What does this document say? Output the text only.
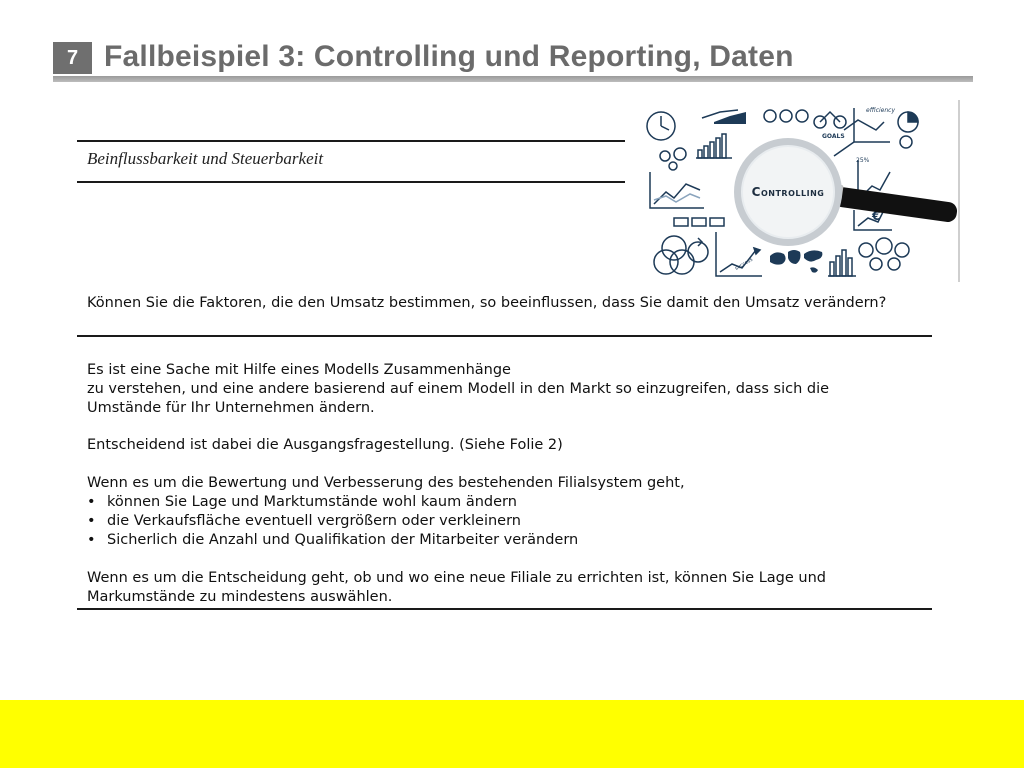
7 Fallbeispiel 3: Controlling und Reporting, Daten
Beinflussbarkeit und Steuerbarkeit
GOALS
efficiency
success
25%
€
Controlling
Können Sie die Faktoren, die den Umsatz bestimmen, so beeinflussen, dass Sie damit den Umsatz verändern?
Es ist eine Sache mit Hilfe eines Modells Zusammenhänge
zu verstehen, und eine andere basierend auf einem Modell in den Markt so einzugreifen, dass sich die Umstände für Ihr Unternehmen ändern.
Entscheidend ist dabei die Ausgangsfragestellung. (Siehe Folie 2)
Wenn es um die Bewertung und Verbesserung des bestehenden Filialsystem geht,
• können Sie Lage und Marktumstände wohl kaum ändern
• die Verkaufsfläche eventuell vergrößern oder verkleinern
• Sicherlich die Anzahl und Qualifikation der Mitarbeiter verändern
Wenn es um die Entscheidung geht, ob und wo eine neue Filiale zu errichten ist, können Sie Lage und Markumstände zu mindestens auswählen.
